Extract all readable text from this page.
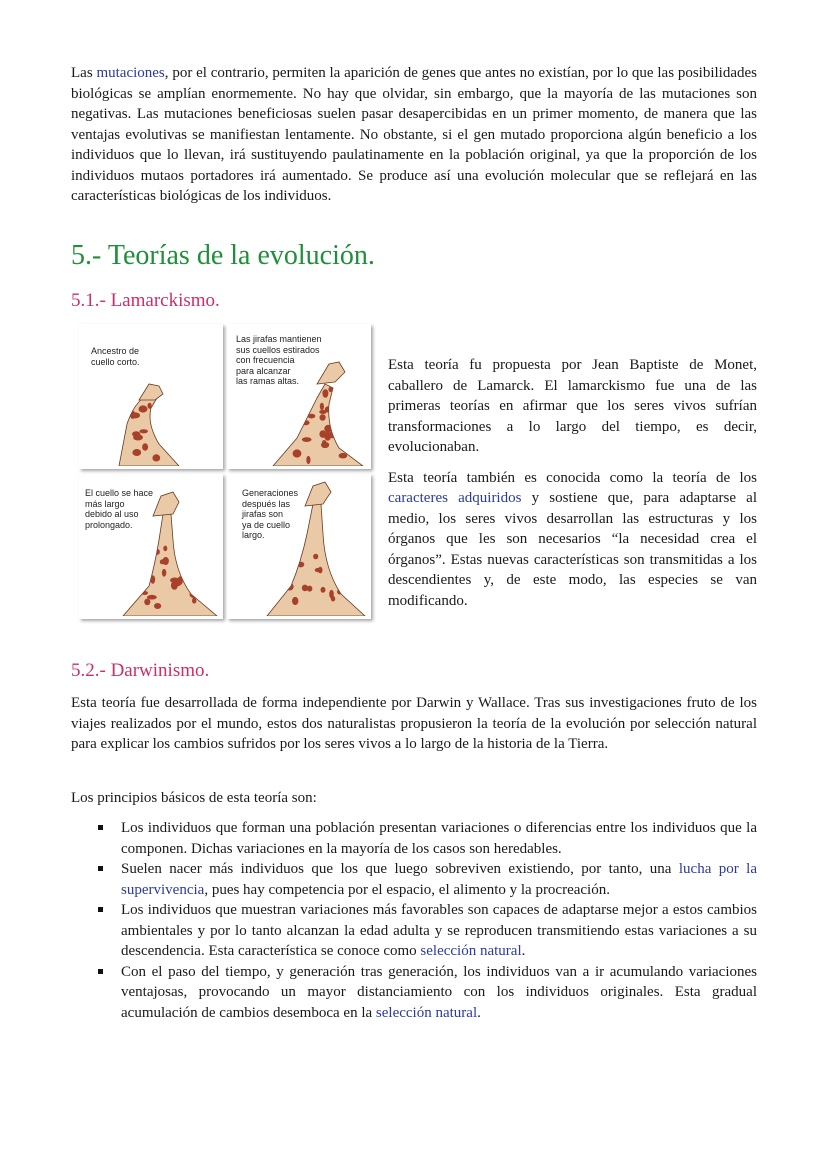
Las mutaciones, por el contrario, permiten la aparición de genes que antes no existían, por lo que las posibilidades biológicas se amplían enormemente. No hay que olvidar, sin embargo, que la mayoría de las mutaciones son negativas. Las mutaciones beneficiosas suelen pasar desapercibidas en un primer momento, de manera que las ventajas evolutivas se manifiestan lentamente. No obstante, si el gen mutado proporciona algún beneficio a los individuos que lo llevan, irá sustituyendo paulatinamente en la población original, ya que la proporción de los individuos mutaos portadores irá aumentado. Se produce así una evolución molecular que se reflejará en las características biológicas de los individuos.

5.- Teorías de la evolución.
5.1.- Lamarckismo.
Ancestro de
cuello corto.
Las jirafas mantienen
sus cuellos estirados
con frecuencia
para alcanzar
las ramas altas.
El cuello se hace
más largo
debido al uso
prolongado.
Generaciones
después las
jirafas son
ya de cuello
largo.

Esta teoría fu propuesta por Jean Baptiste de Monet, caballero de Lamarck. El lamarckismo fue una de las primeras teorías en afirmar que los seres vivos sufrían transformaciones a lo largo del tiempo, es decir, evolucionaban.

Esta teoría también es conocida como la teoría de los caracteres adquiridos y sostiene que, para adaptarse al medio, los seres vivos desarrollan las estructuras y los órganos que les son necesarios “la necesidad crea el órganos”. Estas nuevas características son transmitidas a los descendientes y, de este modo, las especies se van modificando.

5.2.- Darwinismo.

Esta teoría fue desarrollada de forma independiente por Darwin y Wallace. Tras sus investigaciones fruto de los viajes realizados por el mundo, estos dos naturalistas propusieron la teoría de la evolución por selección natural para explicar los cambios sufridos por los seres vivos a lo largo de la historia de la Tierra.

Los principios básicos de esta teoría son:

Los individuos que forman una población presentan variaciones o diferencias entre los individuos que la componen. Dichas variaciones en la mayoría de los casos son heredables.
Suelen nacer más individuos que los que luego sobreviven existiendo, por tanto, una lucha por la supervivencia, pues hay competencia por el espacio, el alimento y la procreación.
Los individuos que muestran variaciones más favorables son capaces de adaptarse mejor a estos cambios ambientales y por lo tanto alcanzan la edad adulta y se reproducen transmitiendo estas variaciones a su descendencia. Esta característica se conoce como selección natural.
Con el paso del tiempo, y generación tras generación, los individuos van a ir acumulando variaciones ventajosas, provocando un mayor distanciamiento con los individuos originales. Esta gradual acumulación de cambios desemboca en la selección natural.
